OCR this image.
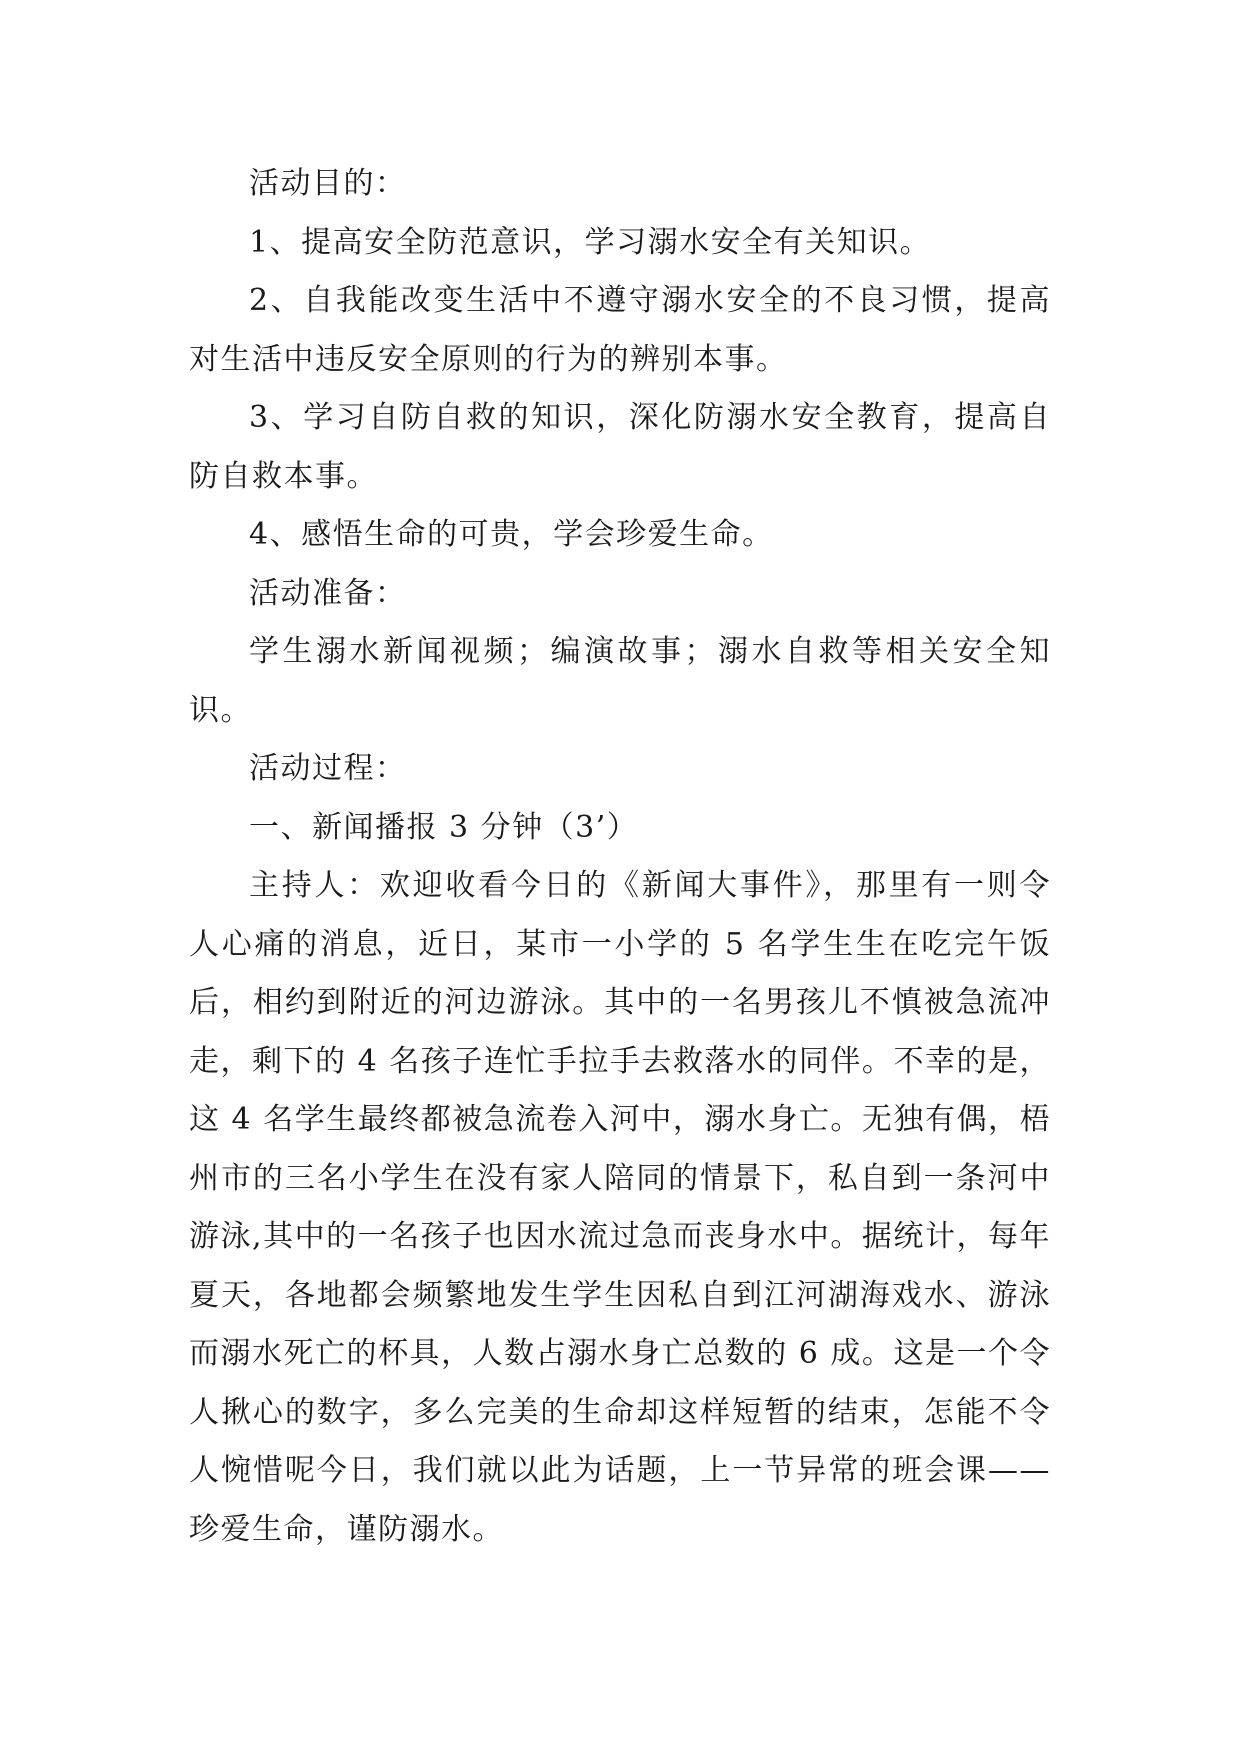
活动目的：

1、提高安全防范意识，学习溺水安全有关知识。

2、自我能改变生活中不遵守溺水安全的不良习惯，提高对生活中违反安全原则的行为的辨别本事。

3、学习自防自救的知识，深化防溺水安全教育，提高自防自救本事。

4、感悟生命的可贵，学会珍爱生命。

活动准备：

学生溺水新闻视频；编演故事；溺水自救等相关安全知识。

活动过程：

一、新闻播报 3 分钟（3’）

主持人：欢迎收看今日的《新闻大事件》，那里有一则令人心痛的消息，近日，某市一小学的 5 名学生生在吃完午饭后，相约到附近的河边游泳。其中的一名男孩儿不慎被急流冲走，剩下的 4 名孩子连忙手拉手去救落水的同伴。不幸的是，这 4 名学生最终都被急流卷入河中，溺水身亡。无独有偶，梧州市的三名小学生在没有家人陪同的情景下，私自到一条河中游泳,其中的一名孩子也因水流过急而丧身水中。据统计，每年夏天，各地都会频繁地发生学生因私自到江河湖海戏水、游泳而溺水死亡的杯具，人数占溺水身亡总数的 6 成。这是一个令人揪心的数字，多么完美的生命却这样短暂的结束，怎能不令人惋惜呢今日，我们就以此为话题，上一节异常的班会课——珍爱生命，谨防溺水。
